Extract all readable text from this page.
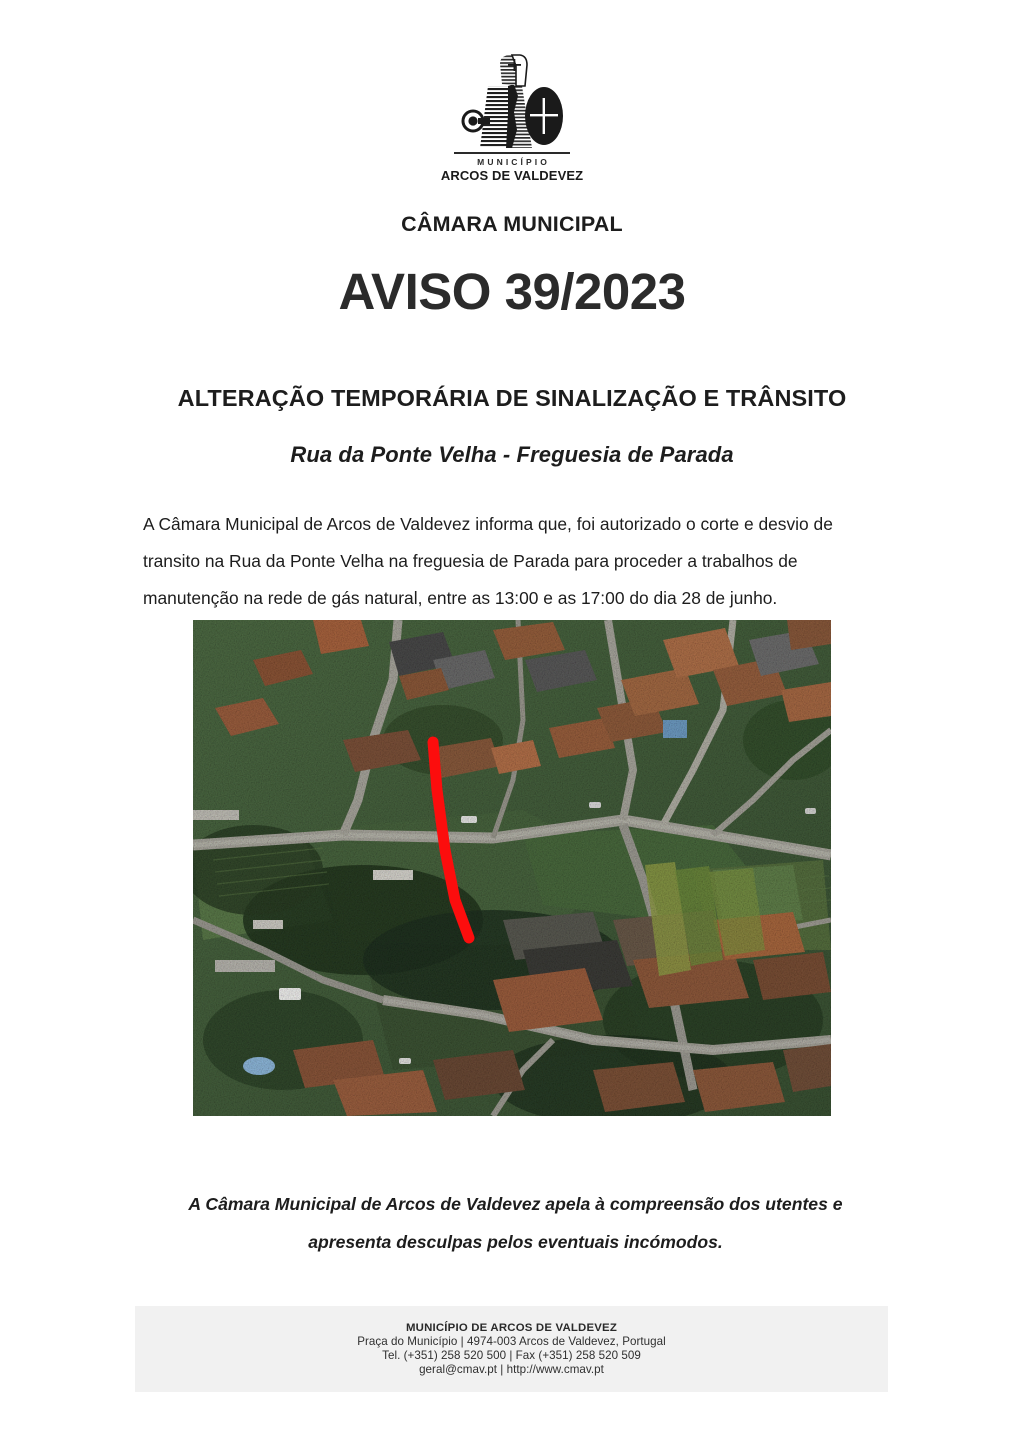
MUNICÍPIO
ARCOS DE VALDEVEZ
CÂMARA MUNICIPAL
AVISO 39/2023
ALTERAÇÃO TEMPORÁRIA DE SINALIZAÇÃO E TRÂNSITO
Rua da Ponte Velha - Freguesia de Parada

A Câmara Municipal de Arcos de Valdevez informa que, foi autorizado o corte e desvio de transito na Rua da Ponte Velha na freguesia de Parada para proceder a trabalhos de manutenção na rede de gás natural, entre as 13:00 e as 17:00 do dia 28 de junho.

A Câmara Municipal de Arcos de Valdevez apela à compreensão dos utentes e
apresenta desculpas pelos eventuais incómodos.
MUNICÍPIO DE ARCOS DE VALDEVEZ
Praça do Município | 4974-003 Arcos de Valdevez, Portugal
Tel. (+351) 258 520 500 | Fax (+351) 258 520 509
geral@cmav.pt | http://www.cmav.pt
